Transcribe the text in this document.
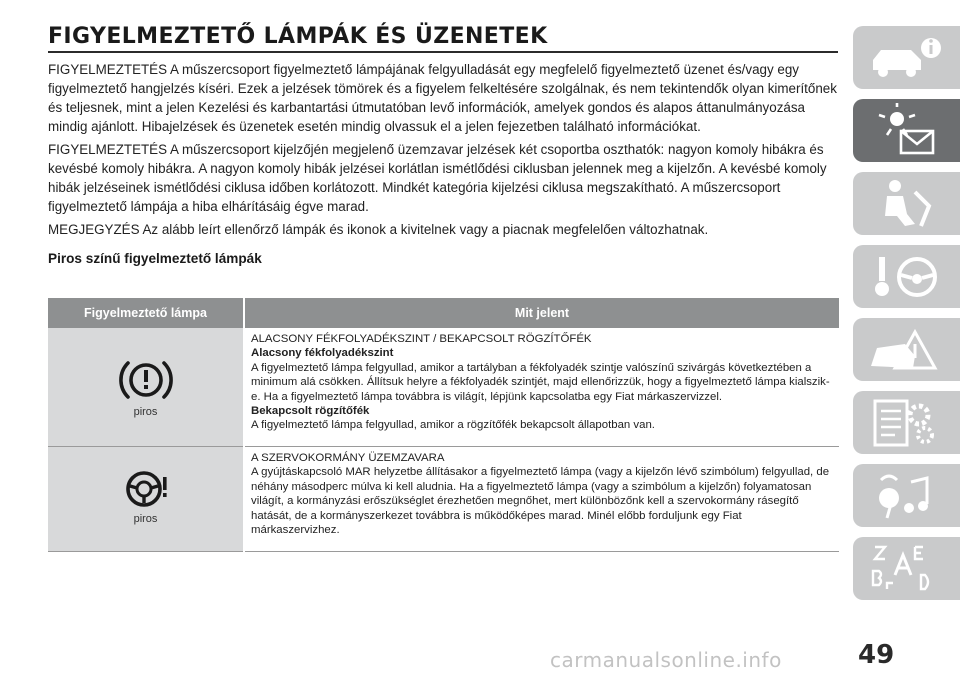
FIGYELMEZTETŐ LÁMPÁK ÉS ÜZENETEK

FIGYELMEZTETÉS A műszercsoport figyelmeztető lámpájának felgyulladását egy megfelelő figyelmeztető üzenet és/vagy egy figyelmeztető hangjelzés kíséri. Ezek a jelzések tömörek és a figyelem felkeltésére szolgálnak, és nem tekintendők olyan kimerítőnek és teljesnek, mint a jelen Kezelési és karbantartási útmutatóban levő információk, amelyek gondos és alapos áttanulmányozása mindig ajánlott. Hibajelzések és üzenetek esetén mindig olvassuk el a jelen fejezetben található információkat.

FIGYELMEZTETÉS A műszercsoport kijelzőjén megjelenő üzemzavar jelzések két csoportba oszthatók: nagyon komoly hibákra és kevésbé komoly hibákra. A nagyon komoly hibák jelzései korlátlan ismétlődési ciklusban jelennek meg a kijelzőn. A kevésbé komoly hibák jelzéseinek ismétlődési ciklusa időben korlátozott. Mindkét kategória kijelzési ciklusa megszakítható. A műszercsoport figyelmeztető lámpája a hiba elhárításáig égve marad.

MEGJEGYZÉS Az alább leírt ellenőrző lámpák és ikonok a kivitelnek vagy a piacnak megfelelően változhatnak.

Piros színű figyelmeztető lámpák
Figyelmeztető lámpa	Mit jelent

piros	ALACSONY FÉKFOLYADÉKSZINT / BEKAPCSOLT RÖGZÍTŐFÉK
Alacsony fékfolyadékszint
A figyelmeztető lámpa felgyullad, amikor a tartályban a fékfolyadék szintje valószínű szivárgás következtében a minimum alá csökken. Állítsuk helyre a fékfolyadék szintjét, majd ellenőrizzük, hogy a figyelmeztető lámpa kialszik-e. Ha a figyelmeztető lámpa továbbra is világít, lépjünk kapcsolatba egy Fiat márkaszervizzel.
Bekapcsolt rögzítőfék
A figyelmeztető lámpa felgyullad, amikor a rögzítőfék bekapcsolt állapotban van.

piros	A SZERVOKORMÁNY ÜZEMZAVARA
A gyújtáskapcsoló MAR helyzetbe állításakor a figyelmeztető lámpa (vagy a kijelzőn lévő szimbólum) felgyullad, de néhány másodperc múlva ki kell aludnia. Ha a figyelmeztető lámpa (vagy a szimbólum a kijelzőn) folyamatosan világít, a kormányzási erőszükséglet érezhetően megnőhet, mert különbözőnk kell a szervokormány rásegítő hatását, de a kormányszerkezet továbbra is működőképes marad. Minél előbb forduljunk egy Fiat márkaszervizhez.
49
carmanualsonline.info
